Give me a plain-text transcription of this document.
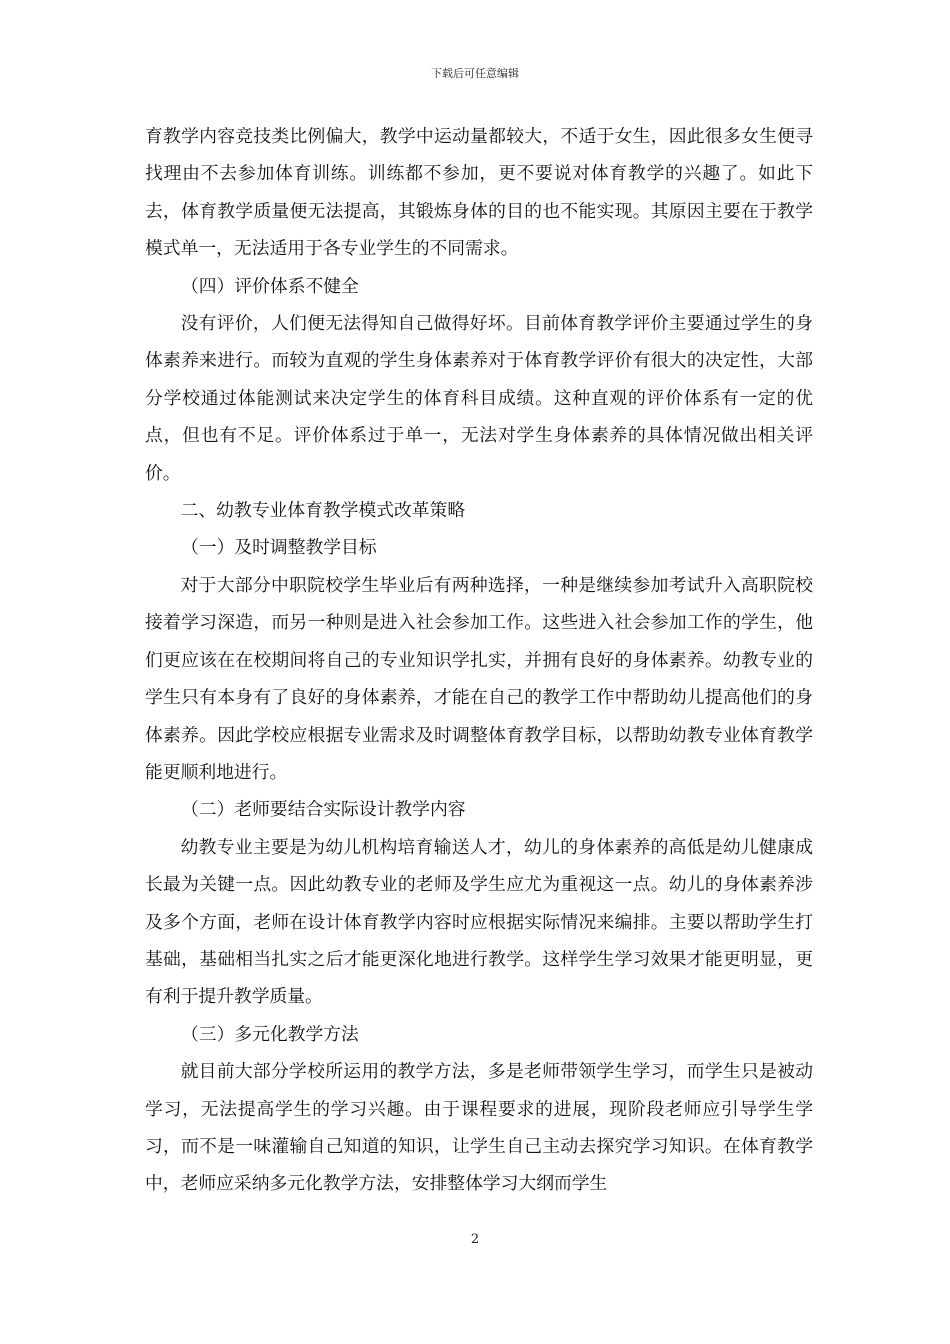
下载后可任意编辑

育教学内容竞技类比例偏大，教学中运动量都较大，不适于女生，因此很多女生便寻找理由不去参加体育训练。训练都不参加，更不要说对体育教学的兴趣了。如此下去，体育教学质量便无法提高，其锻炼身体的目的也不能实现。其原因主要在于教学模式单一，无法适用于各专业学生的不同需求。

（四）评价体系不健全

没有评价，人们便无法得知自己做得好坏。目前体育教学评价主要通过学生的身体素养来进行。而较为直观的学生身体素养对于体育教学评价有很大的决定性，大部分学校通过体能测试来决定学生的体育科目成绩。这种直观的评价体系有一定的优点，但也有不足。评价体系过于单一，无法对学生身体素养的具体情况做出相关评价。

二、幼教专业体育教学模式改革策略

（一）及时调整教学目标

对于大部分中职院校学生毕业后有两种选择，一种是继续参加考试升入高职院校接着学习深造，而另一种则是进入社会参加工作。这些进入社会参加工作的学生，他们更应该在在校期间将自己的专业知识学扎实，并拥有良好的身体素养。幼教专业的学生只有本身有了良好的身体素养，才能在自己的教学工作中帮助幼儿提高他们的身体素养。因此学校应根据专业需求及时调整体育教学目标，以帮助幼教专业体育教学能更顺利地进行。

（二）老师要结合实际设计教学内容

幼教专业主要是为幼儿机构培育输送人才，幼儿的身体素养的高低是幼儿健康成长最为关键一点。因此幼教专业的老师及学生应尤为重视这一点。幼儿的身体素养涉及多个方面，老师在设计体育教学内容时应根据实际情况来编排。主要以帮助学生打基础，基础相当扎实之后才能更深化地进行教学。这样学生学习效果才能更明显，更有利于提升教学质量。

（三）多元化教学方法

就目前大部分学校所运用的教学方法，多是老师带领学生学习，而学生只是被动学习，无法提高学生的学习兴趣。由于课程要求的进展，现阶段老师应引导学生学习，而不是一味灌输自己知道的知识，让学生自己主动去探究学习知识。在体育教学中，老师应采纳多元化教学方法，安排整体学习大纲而学生

2
